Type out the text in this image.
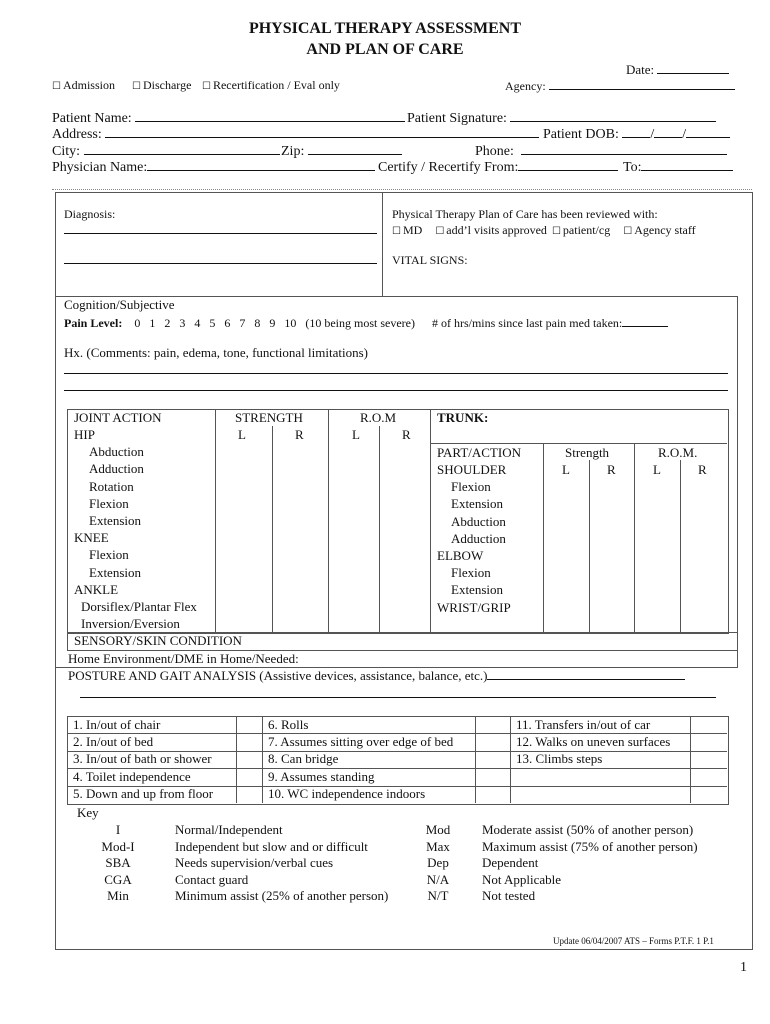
PHYSICAL THERAPY ASSESSMENT
AND PLAN OF CARE
Date:
☐ Admission ☐ Discharge ☐ Recertification / Eval only	Agency:
Patient Name:	Patient Signature:
Address:	Patient DOB: / /
City:	Zip:	Phone:
Physician Name:	Certify / Recertify From:	To:
Diagnosis:	Physical Therapy Plan of Care has been reviewed with:
☐ MD ☐ add’l visits approved ☐ patient/cg ☐ Agency staff
VITAL SIGNS:
Cognition/Subjective
Pain Level: 0 1 2 3 4 5 6 7 8 9 10 (10 being most severe) # of hrs/mins since last pain med taken:
Hx. (Comments: pain, edema, tone, functional limitations)
JOINT ACTION	STRENGTH	R.O.M
L	R	L	R
HIP
Abduction
Adduction
Rotation
Flexion
Extension
KNEE
Flexion
Extension
ANKLE
Dorsiflex/Plantar Flex
Inversion/Eversion
TRUNK:
PART/ACTION	Strength	R.O.M.
L	R	L	R
SHOULDER
Flexion
Extension
Abduction
Adduction
ELBOW
Flexion
Extension
WRIST/GRIP
SENSORY/SKIN CONDITION
Home Environment/DME in Home/Needed:
POSTURE AND GAIT ANALYSIS (Assistive devices, assistance, balance, etc.)
1. In/out of chair	6. Rolls	11. Transfers in/out of car
2. In/out of bed	7. Assumes sitting over edge of bed	12. Walks on uneven surfaces
3. In/out of bath or shower	8. Can bridge	13. Climbs steps
4. Toilet independence	9. Assumes standing
5. Down and up from floor	10. WC independence indoors
Key
I	Normal/Independent	Mod	Moderate assist (50% of another person)
Mod-I	Independent but slow and or difficult	Max	Maximum assist (75% of another person)
SBA	Needs supervision/verbal cues	Dep	Dependent
CGA	Contact guard	N/A	Not Applicable
Min	Minimum assist (25% of another person)	N/T	Not tested
Update 06/04/2007 ATS – Forms P.T.F. 1 P.1
1
